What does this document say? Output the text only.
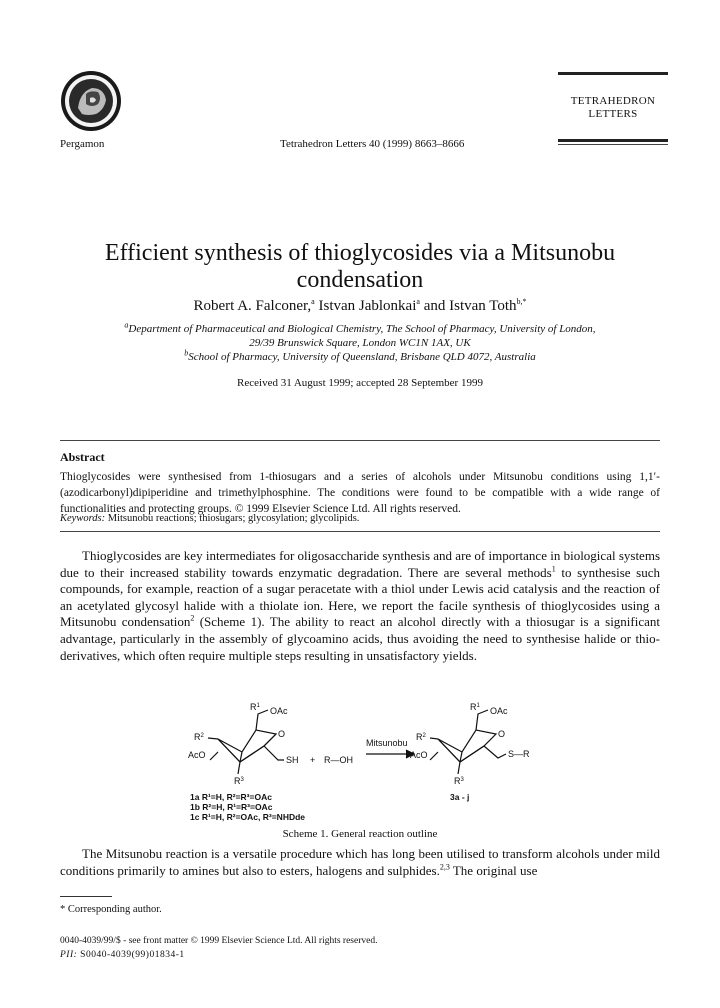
Pergamon	Tetrahedron Letters 40 (1999) 8663–8666
TETRAHEDRON
LETTERS
Efficient synthesis of thioglycosides via a Mitsunobu
condensation
Robert A. Falconer,$^a$ Istvan Jablonkai$^a$ and Istvan Toth$^{b,*}$
$^a$Department of Pharmaceutical and Biological Chemistry, The School of Pharmacy, University of London,
29/39 Brunswick Square, London WC1N 1AX, UK
$^b$School of Pharmacy, University of Queensland, Brisbane QLD 4072, Australia
Received 31 August 1999; accepted 28 September 1999
Abstract
Thioglycosides were synthesised from 1-thiosugars and a series of alcohols under Mitsunobu conditions using 1,1′-(azodicarbonyl)dipiperidine and trimethylphosphine. The conditions were found to be compatible with a wide range of functionalities and protecting groups. © 1999 Elsevier Science Ltd. All rights reserved.
Keywords: Mitsunobu reactions; thiosugars; glycosylation; glycolipids.

Thioglycosides are key intermediates for oligosaccharide synthesis and are of importance in biological systems due to their increased stability towards enzymatic degradation. There are several methods$^1$ to synthesise such compounds, for example, reaction of a sugar peracetate with a thiol under Lewis acid catalysis and the reaction of an acetylated glycosyl halide with a thiolate ion. Here, we report the facile synthesis of thioglycosides using a Mitsunobu condensation$^2$ (Scheme 1). The ability to react an alcohol directly with a thiosugar is a significant advantage, particularly in the assembly of glycoamino acids, thus avoiding the need to synthesise halide or thio-derivatives, which often require multiple steps resulting in unsatisfactory yields.

$R^1$ OAc
O
$R^2$
AcO
$R^3$
SH + R—OH
Mitsunobu
$R^1$ OAc
O
$R^2$
AcO
$R^3$
S—R
1a R¹=H, R²=R³=OAc
1b R²=H, R¹=R³=OAc
1c R¹=H, R²=OAc, R³=NHDde
3a - j
Scheme 1. General reaction outline

The Mitsunobu reaction is a versatile procedure which has long been utilised to transform alcohols under mild conditions primarily to amines but also to esters, halogens and sulphides.$^{2,3}$ The original use

* Corresponding author.
0040-4039/99/$ - see front matter © 1999 Elsevier Science Ltd. All rights reserved.
PII: S0040-4039(99)01834-1
